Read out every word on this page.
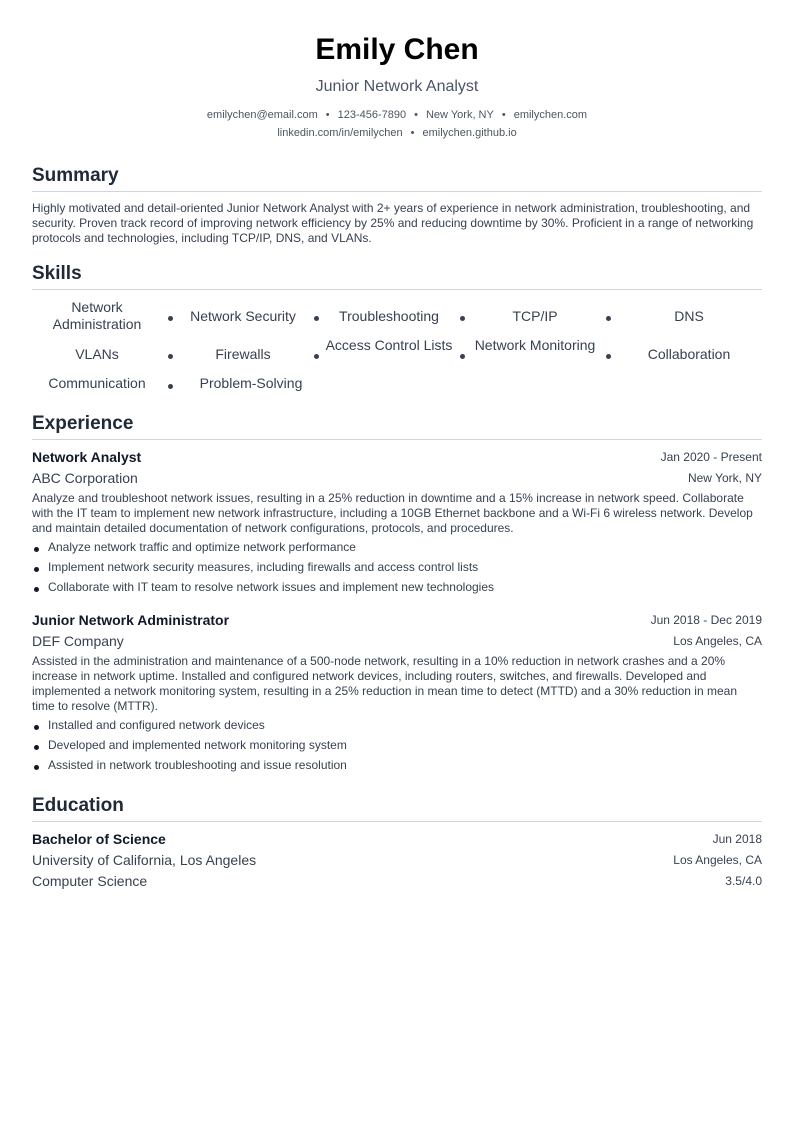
Emily Chen
Junior Network Analyst
emilychen@email.com • 123-456-7890 • New York, NY • emilychen.com
linkedin.com/in/emilychen • emilychen.github.io
Summary
Highly motivated and detail-oriented Junior Network Analyst with 2+ years of experience in network administration, troubleshooting, and security. Proven track record of improving network efficiency by 25% and reducing downtime by 30%. Proficient in a range of networking protocols and technologies, including TCP/IP, DNS, and VLANs.
Skills
Network Administration	Network Security	Troubleshooting	TCP/IP	DNS
VLANs	Firewalls
Access Control Lists	Network Monitoring
Collaboration
Communication	Problem-Solving
Experience
Network Analyst	Jan 2020 - Present
ABC Corporation	New York, NY
Analyze and troubleshoot network issues, resulting in a 25% reduction in downtime and a 15% increase in network speed. Collaborate with the IT team to implement new network infrastructure, including a 10GB Ethernet backbone and a Wi-Fi 6 wireless network. Develop and maintain detailed documentation of network configurations, protocols, and procedures.
Analyze network traffic and optimize network performance
Implement network security measures, including firewalls and access control lists
Collaborate with IT team to resolve network issues and implement new technologies
Junior Network Administrator	Jun 2018 - Dec 2019
DEF Company	Los Angeles, CA
Assisted in the administration and maintenance of a 500-node network, resulting in a 10% reduction in network crashes and a 20% increase in network uptime. Installed and configured network devices, including routers, switches, and firewalls. Developed and implemented a network monitoring system, resulting in a 25% reduction in mean time to detect (MTTD) and a 30% reduction in mean time to resolve (MTTR).
Installed and configured network devices
Developed and implemented network monitoring system
Assisted in network troubleshooting and issue resolution
Education
Bachelor of Science	Jun 2018
University of California, Los Angeles	Los Angeles, CA
Computer Science	3.5/4.0
